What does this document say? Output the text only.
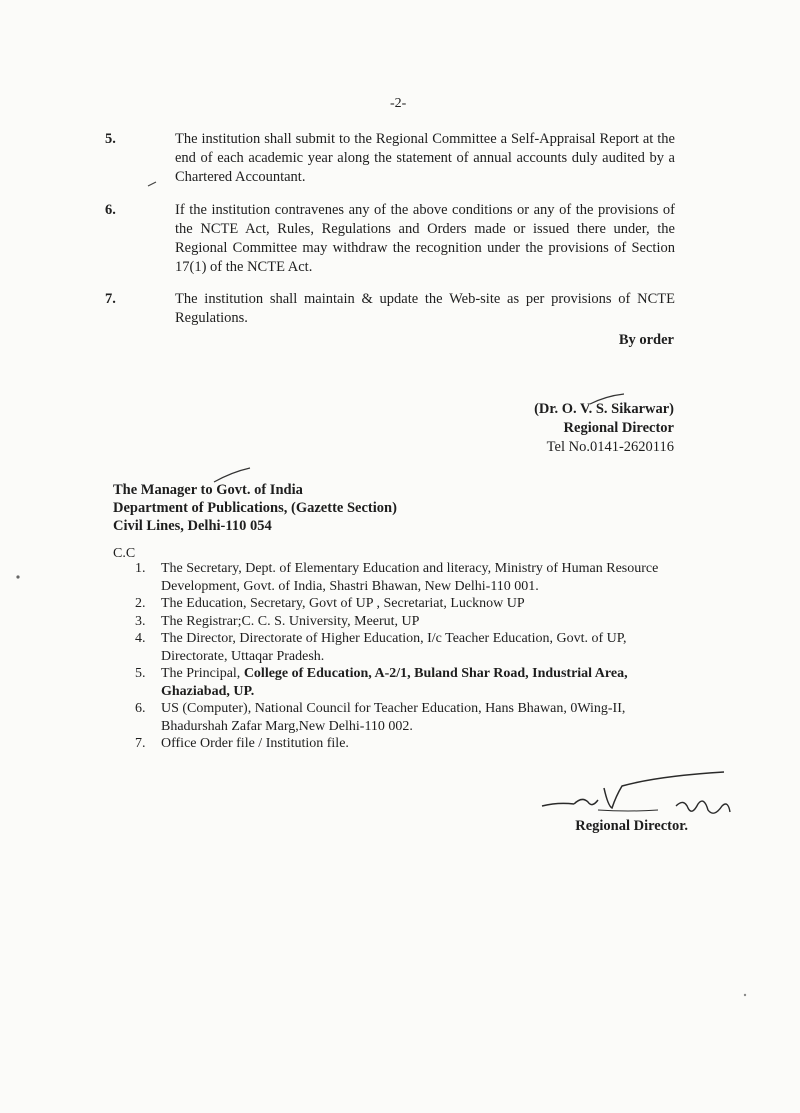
-2-
5.	The institution shall submit to the Regional Committee a Self-Appraisal Report at the end of each academic year along the statement of annual accounts duly audited by a Chartered Accountant.
6.	If the institution contravenes any of the above conditions or any of the provisions of the NCTE Act, Rules, Regulations and Orders made or issued there under, the Regional Committee may withdraw the recognition under the provisions of Section 17(1) of the NCTE Act.
7.	The institution shall maintain & update the Web-site as per provisions of NCTE Regulations.
By order
(Dr. O. V. S. Sikarwar)
Regional Director
Tel No.0141-2620116
The Manager to Govt. of India
Department of Publications, (Gazette Section)
Civil Lines, Delhi-110 054
C.C
1. The Secretary, Dept. of Elementary Education and literacy, Ministry of Human Resource Development, Govt. of India, Shastri Bhawan, New Delhi-110 001.
2. The Education, Secretary, Govt of UP , Secretariat, Lucknow UP
3. The Registrar;C. C. S. University, Meerut, UP
4. The Director, Directorate of Higher Education, I/c Teacher Education, Govt. of UP, Directorate, Uttaqar Pradesh.
5. The Principal, College of Education, A-2/1, Buland Shar Road, Industrial Area, Ghaziabad, UP.
6. US (Computer), National Council for Teacher Education, Hans Bhawan, 0Wing-II, Bhadurshah Zafar Marg,New Delhi-110 002.
7. Office Order file / Institution file.
Regional Director.
